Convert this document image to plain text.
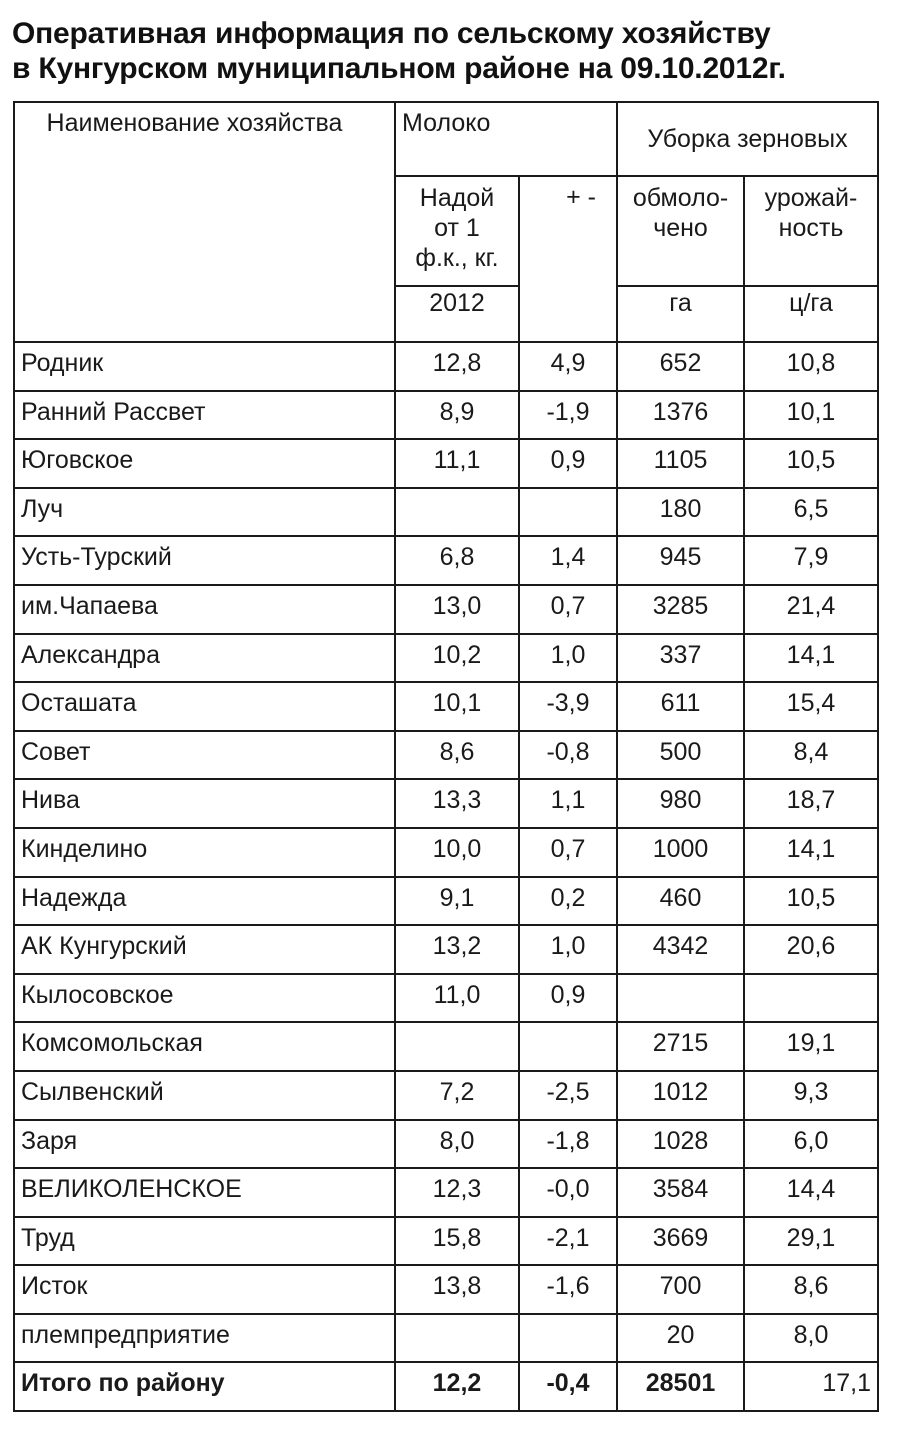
Оперативная информация по сельскому хозяйству
в Кунгурском муниципальном районе на 09.10.2012г.
Наименование хозяйства	Молоко		Уборка зерновых	
	Надой от 1 ф.к., кг.	+ -	обмоло-чено	урожай-ность
	2012		га	ц/га
Родник	12,8	4,9	652	10,8
Ранний Рассвет	8,9	-1,9	1376	10,1
Юговское	11,1	0,9	1105	10,5
Луч			180	6,5
Усть-Турский	6,8	1,4	945	7,9
им.Чапаева	13,0	0,7	3285	21,4
Александра	10,2	1,0	337	14,1
Осташата	10,1	-3,9	611	15,4
Совет	8,6	-0,8	500	8,4
Нива	13,3	1,1	980	18,7
Кинделино	10,0	0,7	1000	14,1
Надежда	9,1	0,2	460	10,5
АК Кунгурский	13,2	1,0	4342	20,6
Кылосовское	11,0	0,9		
Комсомольская			2715	19,1
Сылвенский	7,2	-2,5	1012	9,3
Заря	8,0	-1,8	1028	6,0
ВЕЛИКОЛЕНСКОЕ	12,3	-0,0	3584	14,4
Труд	15,8	-2,1	3669	29,1
Исток	13,8	-1,6	700	8,6
племпредприятие			20	8,0
Итого по району	12,2	-0,4	28501	17,1
